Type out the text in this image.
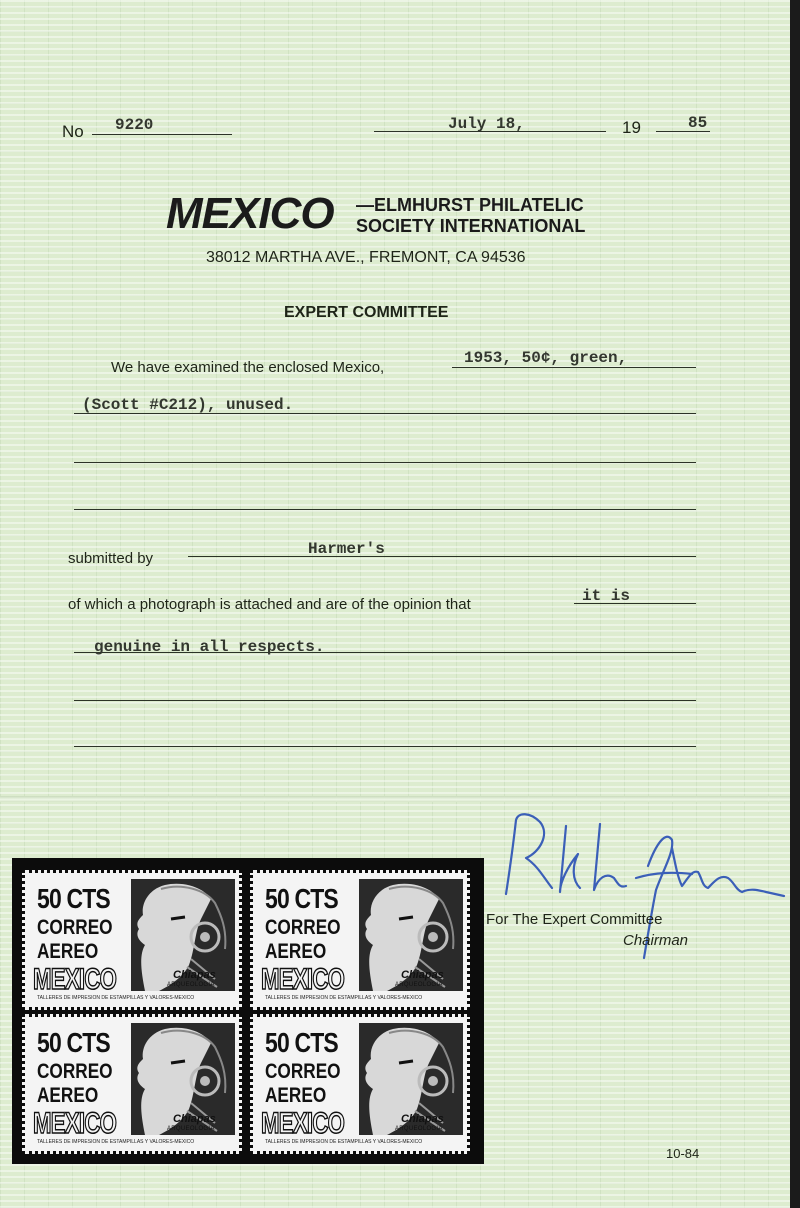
No 9220	July 18,	19	85
MEXICO —ELMHURST PHILATELIC
SOCIETY INTERNATIONAL
38012 MARTHA AVE., FREMONT, CA 94536
EXPERT COMMITTEE
We have examined the enclosed Mexico,
1953, 50¢, green,
(Scott #C212), unused.
submitted by
Harmer's
of which a photograph is attached and are of the opinion that	it is
genuine in all respects.
50 CTS
CORREO
AEREO
MEXICO	Chiapas
ARQUEOLOGIA
TALLERES DE IMPRESION DE ESTAMPILLAS Y VALORES-MEXICO
50 CTS
CORREO
AEREO
MEXICO	Chiapas
ARQUEOLOGIA
TALLERES DE IMPRESION DE ESTAMPILLAS Y VALORES-MEXICO
50 CTS
CORREO
AEREO
MEXICO	Chiapas
ARQUEOLOGIA
TALLERES DE IMPRESION DE ESTAMPILLAS Y VALORES-MEXICO
50 CTS
CORREO
AEREO
MEXICO	Chiapas
ARQUEOLOGIA
TALLERES DE IMPRESION DE ESTAMPILLAS Y VALORES-MEXICO
For The Expert Committee
Chairman
10-84
